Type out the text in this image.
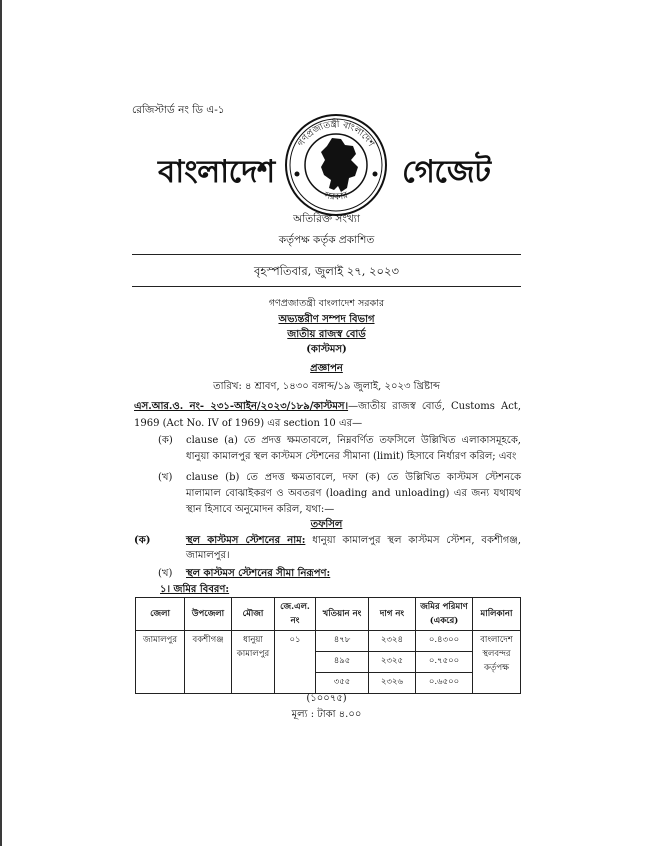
রেজিস্টার্ড নং ডি এ-১
বাংলাদেশ
গণপ্রজাতন্ত্রী বাংলাদেশ
সরকার
গেজেট
অতিরিক্ত সংখ্যা
কর্তৃপক্ষ কর্তৃক প্রকাশিত
বৃহস্পতিবার, জুলাই ২৭, ২০২৩
গণপ্রজাতন্ত্রী বাংলাদেশ সরকার
অভ্যন্তরীণ সম্পদ বিভাগ
জাতীয় রাজস্ব বোর্ড
(কাস্টমস)
প্রজ্ঞাপন
তারিখ: ৪ শ্রাবণ, ১৪৩০ বঙ্গাব্দ/১৯ জুলাই, ২০২৩ খ্রিষ্টাব্দ
এস.আর.ও. নং- ২৩১-আইন/২০২৩/১৮৯/কাস্টমস।—জাতীয় রাজস্ব বোর্ড, Customs Act, 1969 (Act No. IV of 1969) এর section 10 এর—
(ক) clause (a) তে প্রদত্ত ক্ষমতাবলে, নিম্নবর্ণিত তফসিলে উল্লিখিত এলাকাসমূহকে, ধানুয়া কামালপুর স্থল কাস্টমস স্টেশনের সীমানা (limit) হিসাবে নির্ধারণ করিল; এবং
(খ) clause (b) তে প্রদত্ত ক্ষমতাবলে, দফা (ক) তে উল্লিখিত কাস্টমস স্টেশনকে মালামাল বোঝাইকরণ ও অবতরণ (loading and unloading) এর জন্য যথাযথ স্থান হিসাবে অনুমোদন করিল, যথা:—
তফসিল
(ক)	স্থল কাস্টমস স্টেশনের নাম: ধানুয়া কামালপুর স্থল কাস্টমস স্টেশন, বকশীগঞ্জ, জামালপুর।
(খ) স্থল কাস্টমস স্টেশনের সীমা নিরূপণ:
১। জমির বিবরণ:
জেলা	উপজেলা	মৌজা	জে.এল. নং	খতিয়ান নং	দাগ নং	জমির পরিমাণ (একরে)	মালিকানা
জামালপুর	বকশীগঞ্জ	ধানুয়া কামালপুর	০১	৪৭৮	২৩২৪	০.৪৩০০	বাংলাদেশ স্থলবন্দর কর্তৃপক্ষ
				৪৯৫	২৩২৫	০.৭৫০০	
				৩৫৫	২৩২৬	০.৬৫০০	
(১০০৭৫)
মূল্য : টাকা ৪.০০
